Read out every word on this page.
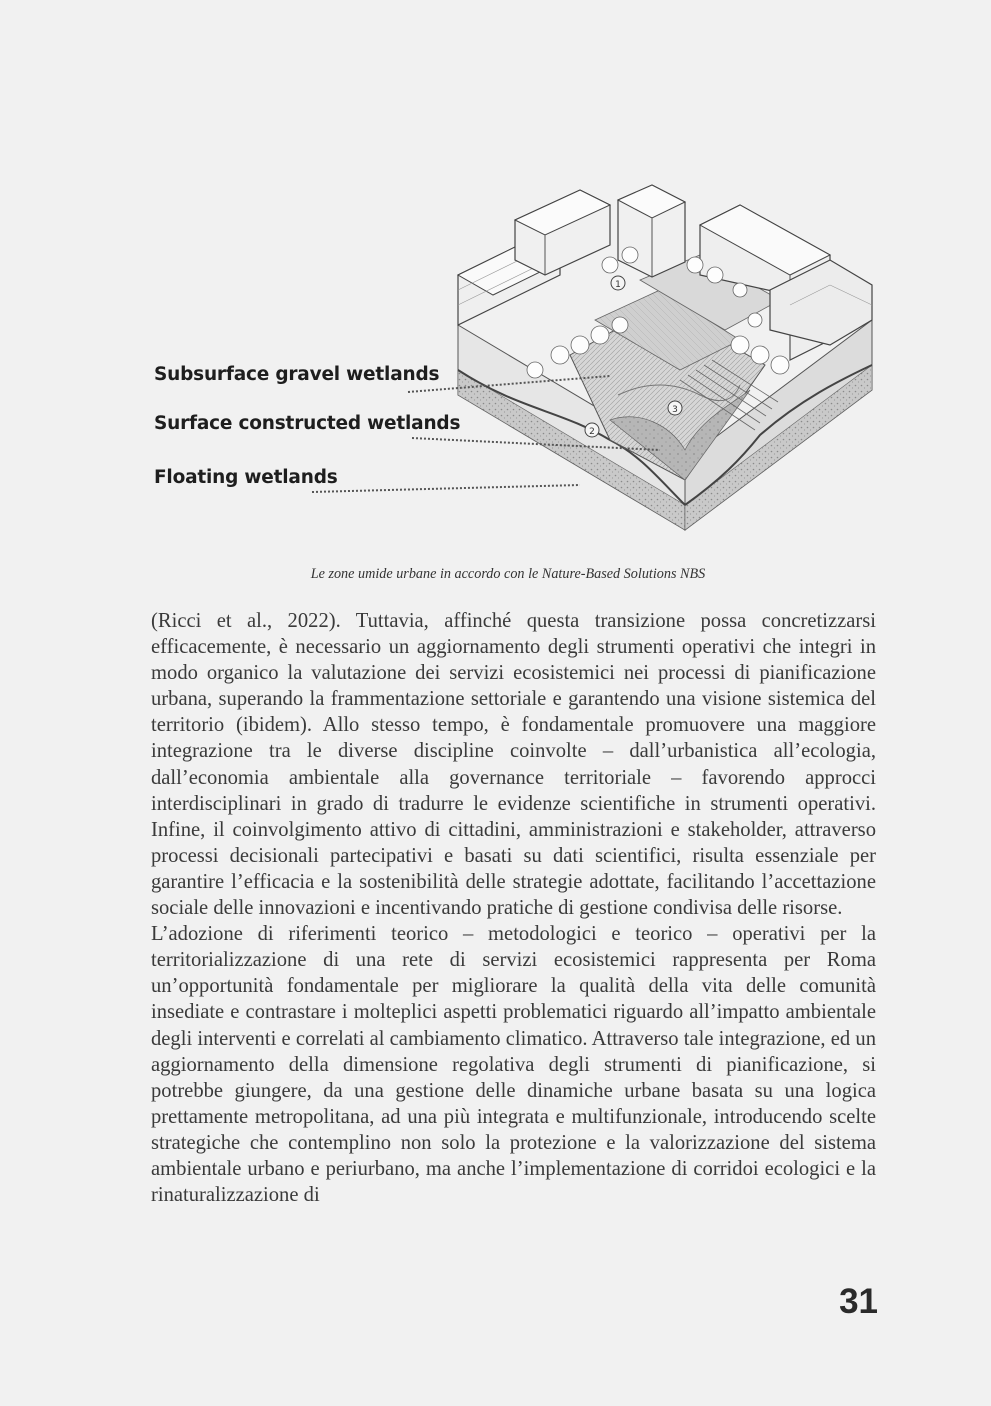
1
2
3
Subsurface gravel wetlands
Surface constructed wetlands
Floating wetlands
Le zone umide urbane in accordo con le Nature-Based Solutions NBS

(Ricci et al., 2022). Tuttavia, affinché questa transizione possa concretizzarsi efficacemente, è necessario un aggiornamento degli strumenti operativi che integri in modo organico la valutazione dei servizi ecosistemici nei processi di pianificazione urbana, superando la frammentazione settoriale e garantendo una visione sistemica del territorio (ibidem). Allo stesso tempo, è fondamentale promuovere una maggiore integrazione tra le diverse discipline coinvolte – dall’urbanistica all’ecologia, dall’economia ambientale alla governance territoriale – favorendo approcci interdisciplinari in grado di tradurre le evidenze scientifiche in strumenti operativi. Infine, il coinvolgimento attivo di cittadini, amministrazioni e stakeholder, attraverso processi decisionali partecipativi e basati su dati scientifici, risulta essenziale per garantire l’efficacia e la sostenibilità delle strategie adottate, facilitando l’accettazione sociale delle innovazioni e incentivando pratiche di gestione condivisa delle risorse.

L’adozione di riferimenti teorico – metodologici e teorico – operativi per la territorializzazione di una rete di servizi ecosistemici rappresenta per Roma un’opportunità fondamentale per migliorare la qualità della vita delle comunità insediate e contrastare i molteplici aspetti problematici riguardo all’impatto ambientale degli interventi e correlati al cambiamento climatico. Attraverso tale integrazione, ed un aggiornamento della dimensione regolativa degli strumenti di pianificazione, si potrebbe giungere, da una gestione delle dinamiche urbane basata su una logica prettamente metropolitana, ad una più integrata e multifunzionale, introducendo scelte strategiche che contemplino non solo la protezione e la valorizzazione del sistema ambientale urbano e periurbano, ma anche l’implementazione di corridoi ecologici e la rinaturalizzazione di

31
